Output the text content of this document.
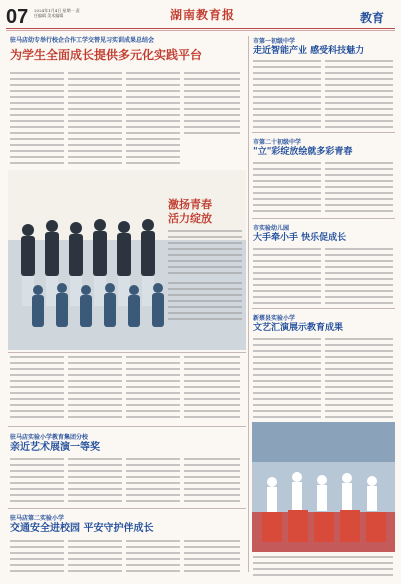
07 2024年1月4日 星期一 责任编辑 美术编辑	湖南教育报	教育
驻马店幼专举行校企合作工学交替见习实训成果总结会
为学生全面成长提供多元化实践平台
激扬青春
活力绽放
驻马店实验小学教育集团分校
亲近艺术展演一等奖
驻马店第二实验小学
交通安全进校园 平安守护伴成长
市第一初级中学
走近智能产业 感受科技魅力
市第二十初级中学
"立"彩绽放绘就多彩青春
市实验幼儿园
大手牵小手 快乐促成长
新蔡县实验小学
文艺汇演展示教育成果
